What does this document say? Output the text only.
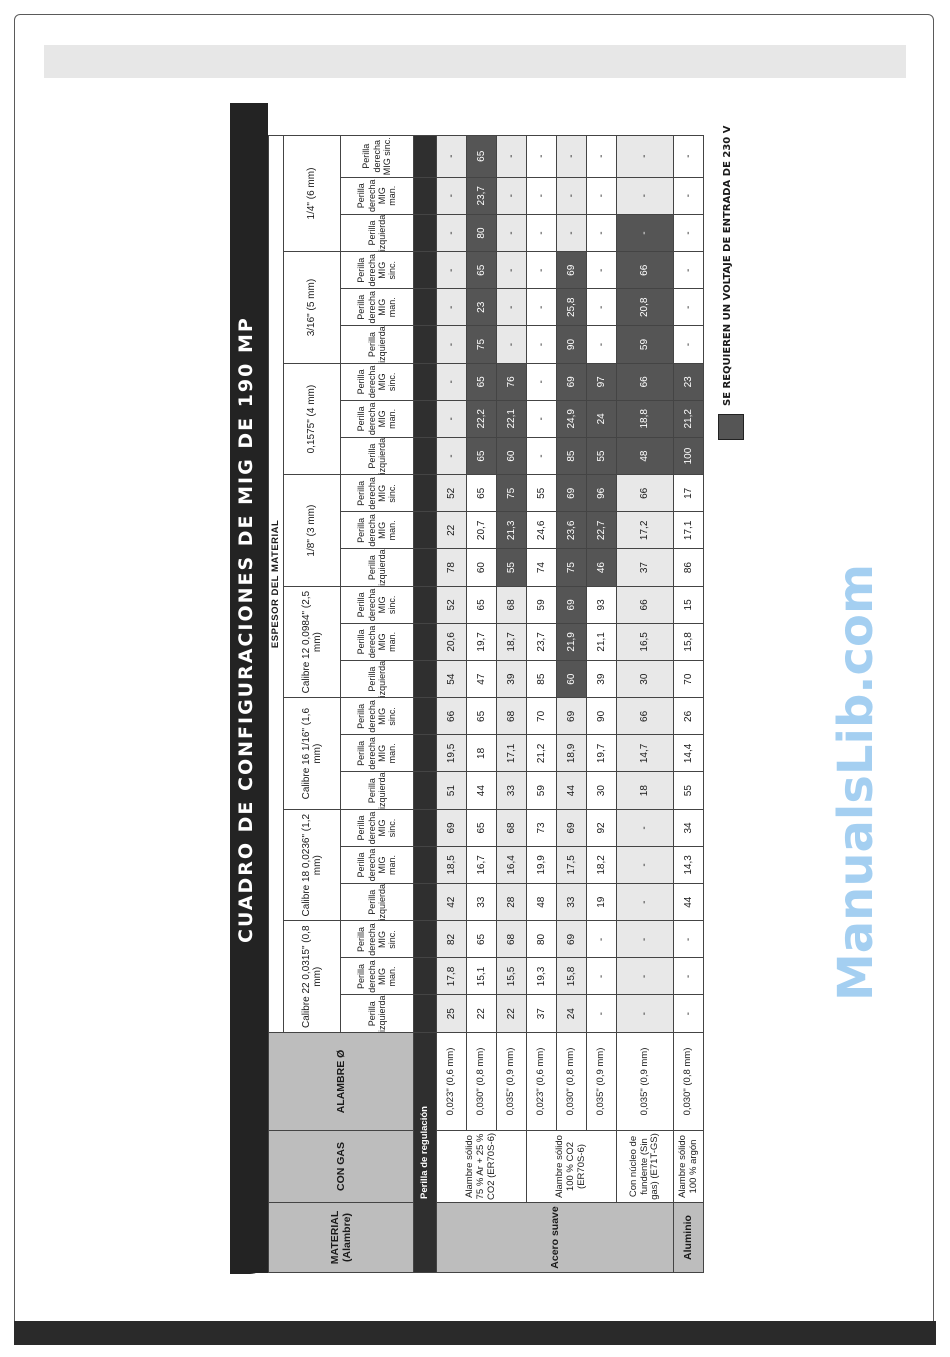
CUADRO DE CONFIGURACIONES DE MIG DE 190 MP
MATERIAL (Alambre)	CON GAS	ALAMBRE Ø	ESPESOR DEL MATERIAL																							
			Calibre 22 0,0315" (0,8 mm)			Calibre 18 0,0236" (1,2 mm)			Calibre 16 1/16" (1,6 mm)			Calibre 12 0,0984" (2,5 mm)			1/8" (3 mm)			0,1575" (4 mm)			3/16" (5 mm)			1/4" (6 mm)		
			Perilla izquierda	Perilla derecha MIG man.	Perilla derecha MIG sinc.	Perilla izquierda	Perilla derecha MIG man.	Perilla derecha MIG sinc.	Perilla izquierda	Perilla derecha MIG man.	Perilla derecha MIG sinc.	Perilla izquierda	Perilla derecha MIG man.	Perilla derecha MIG sinc.	Perilla izquierda	Perilla derecha MIG man.	Perilla derecha MIG sinc.	Perilla izquierda	Perilla derecha MIG man.	Perilla derecha MIG sinc.	Perilla izquierda	Perilla derecha MIG man.	Perilla derecha MIG sinc.	Perilla izquierda	Perilla derecha MIG man.	Perilla derecha MIG sinc.
Perilla de regulación																										
Acero suave	Alambre sólido 75 % Ar + 25 % CO2 (ER70S-6)	0,023" (0,6 mm)	25	17,8	82	42	18,5	69	51	19,5	66	54	20,6	52	78	22	52	-	-	-	-	-	-	-	-	-
		0,030" (0,8 mm)	22	15,1	65	33	16,7	65	44	18	65	47	19,7	65	60	20,7	65	65	22,2	65	75	23	65	80	23,7	65
		0,035" (0,9 mm)	22	15,5	68	28	16,4	68	33	17,1	68	39	18,7	68	55	21,3	75	60	22,1	76	-	-	-	-	-	-
	Alambre sólido 100 % CO2 (ER70S-6)	0,023" (0,6 mm)	37	19,3	80	48	19,9	73	59	21,2	70	85	23,7	59	74	24,6	55	-	-	-	-	-	-	-	-	-
		0,030" (0,8 mm)	24	15,8	69	33	17,5	69	44	18,9	69	60	21,9	69	75	23,6	69	85	24,9	69	90	25,8	69	-	-	-
		0,035" (0,9 mm)	-	-	-	19	18,2	92	30	19,7	90	39	21,1	93	46	22,7	96	55	24	97	-	-	-	-	-	-
	Con núcleo de fundente (Sin gas) (E71T-GS)	0,035" (0,9 mm)	-	-	-	-	-	-	18	14,7	66	30	16,5	66	37	17,2	66	48	18,8	66	59	20,8	66	-	-	-
Aluminio	Alambre sólido 100 % argón	0,030" (0,8 mm)	-	-	-	44	14,3	34	55	14,4	26	70	15,8	15	86	17,1	17	100	21,2	23	-	-	-	-	-	-
ManualsLib.com
SE REQUIEREN UN VOLTAJE DE ENTRADA DE 230 V
